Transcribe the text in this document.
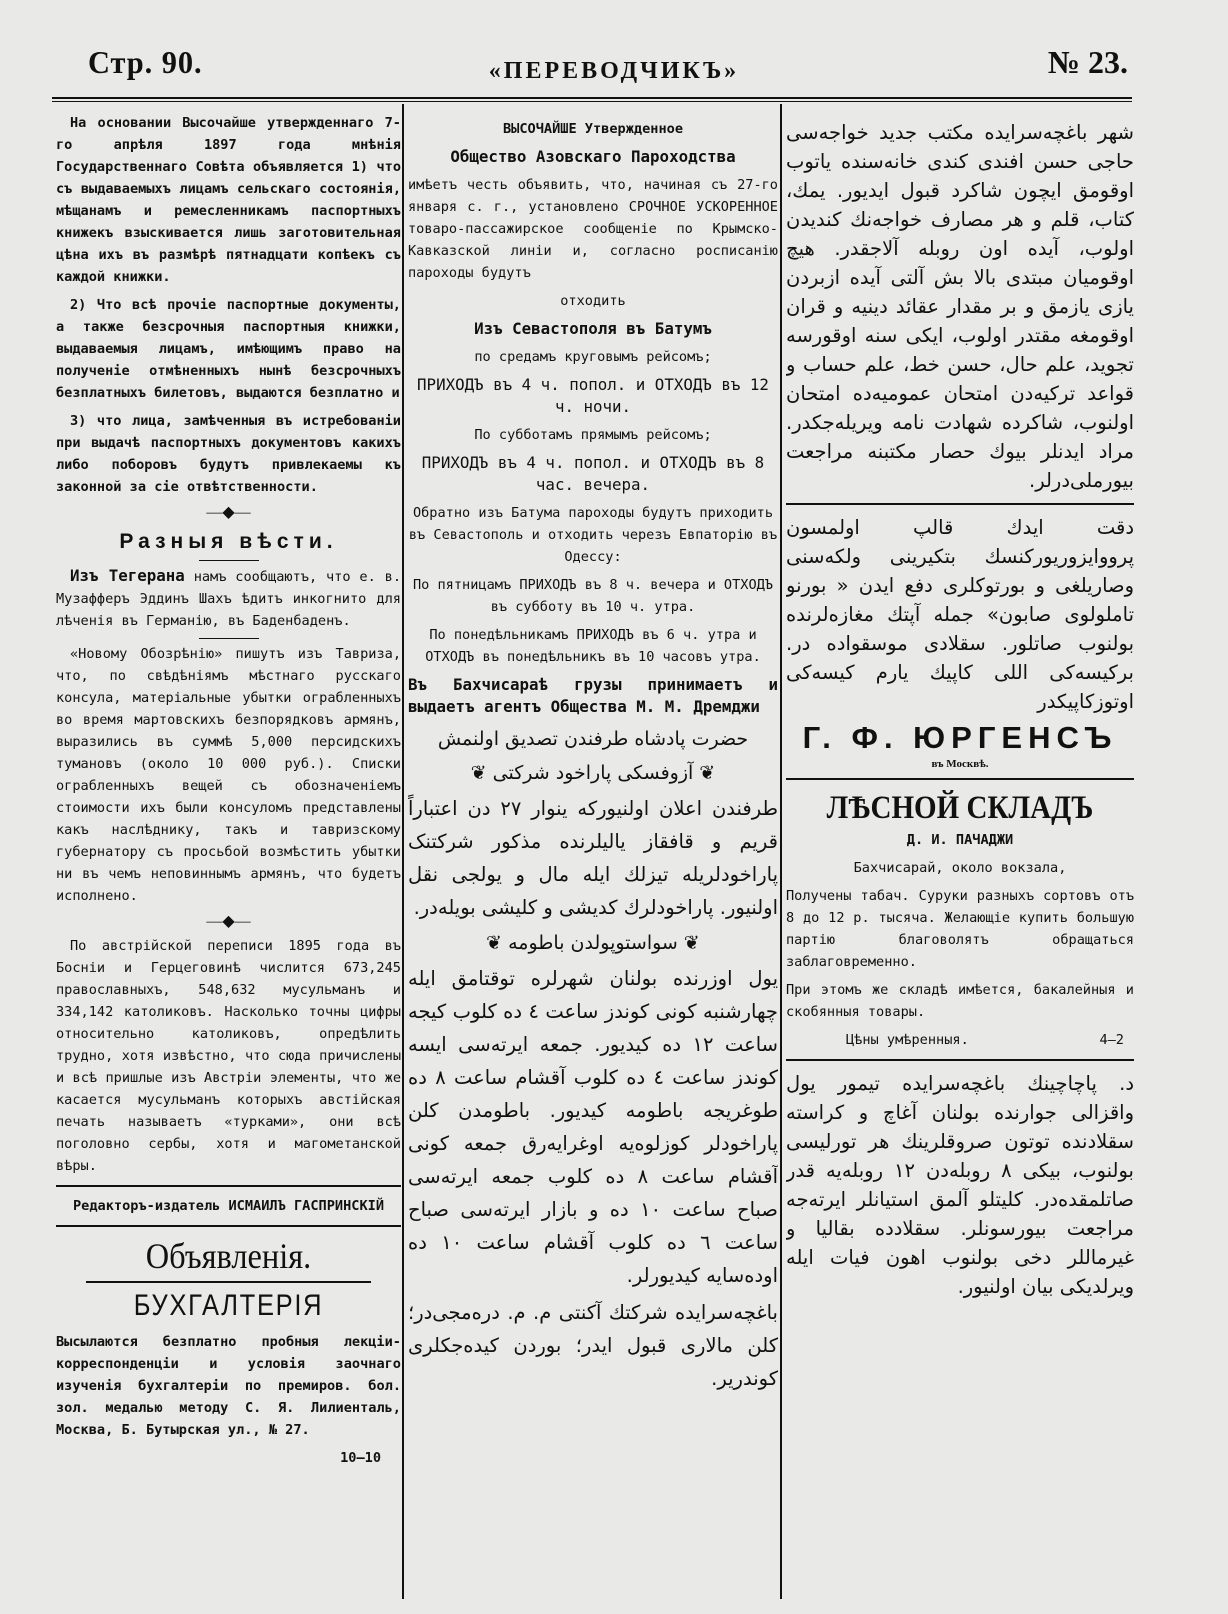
Стр. 90.	«ПЕРЕВОДЧИКЪ»	№ 23.

На основании Высочайше утвержденнаго 7-го апрѣля 1897 года мнѣнія Государственнаго Совѣта объявляется 1) что съ выдаваемыхъ лицамъ сельскаго состоянія, мѣщанамъ и ремесленникамъ паспортныхъ книжекъ взыскивается лишь заготовительная цѣна ихъ въ размѣрѣ пятнадцати копѣекъ съ каждой книжки.

2) Что всѣ прочіе паспортные документы, а также безсрочныя паспортныя книжки, выдаваемыя лицамъ, имѣющимъ право на полученіе отмѣненныхъ нынѣ безсрочныхъ безплатныхъ билетовъ, выдаются безплатно и

3) что лица, замѣченныя въ истребованіи при выдачѣ паспортныхъ документовъ какихъ либо поборовъ будутъ привлекаемы къ законной за сіе отвѣтственности.

—◆—
Разныя вѣсти.

Изъ Тегерана намъ сообщаютъ, что е. в. Музафферъ Эддинъ Шахъ ѣдитъ инкогнито для лѣченія въ Германію, въ Баденбаденъ.

«Новому Обозрѣнію» пишутъ изъ Тавриза, что, по свѣдѣніямъ мѣстнаго русскаго консула, матеріальные убытки ограбленныхъ во время мартовскихъ безпорядковъ армянъ, выразились въ суммѣ 5,000 персидскихъ тумановъ (около 10 000 руб.). Списки ограбленныхъ вещей съ обозначеніемъ стоимости ихъ были консуломъ представлены какъ наслѣднику, такъ и тавризскому губернатору съ просьбой возмѣстить убытки ни въ чемъ неповиннымъ армянъ, что будетъ исполнено.

—◆—

По австрійской переписи 1895 года въ Босніи и Герцеговинѣ числится 673,245 православныхъ, 548,632 мусульманъ и 334,142 католиковъ. Насколько точны цифры относительно католиковъ, опредѣлить трудно, хотя извѣстно, что сюда причислены и всѣ пришлые изъ Австріи элементы, что же касается мусульманъ которыхъ австійская печать называетъ «турками», они всѣ поголовно сербы, хотя и магометанской вѣры.

Редакторъ-издатель ИСМАИЛЪ ГАСПРИНСКІЙ

Объявленія.
БУХГАЛТЕРІЯ

Высылаются безплатно пробныя лекціи-корреспонденціи и условія заочнаго изученія бухгалтеріи по премиров. бол. зол. медалью методу С. Я. Лилиенталь, Москва, Б. Бутырская ул., № 27.

10—10

ВЫСОЧАЙШЕ Утвержденное

Общество Азовскаго Пароходства

имѣетъ честь объявить, что, начиная съ 27-го января с. г., установлено СРОЧНОЕ УСКОРЕННОЕ товаро-пассажирское сообщеніе по Крымско-Кавказской линіи и, согласно росписанію пароходы будутъ

отходить

Изъ Севастополя въ Батумъ

по средамъ круговымъ рейсомъ;

ПРИХОДЪ въ 4 ч. попол. и ОТХОДЪ въ 12 ч. ночи.

По субботамъ прямымъ рейсомъ;

ПРИХОДЪ въ 4 ч. попол. и ОТХОДЪ въ 8 час. вечера.

Обратно изъ Батума пароходы будутъ приходить въ Севастополь и отходить черезъ Евпаторію въ Одессу:

По пятницамъ ПРИХОДЪ въ 8 ч. вечера и ОТХОДЪ въ субботу въ 10 ч. утра.

По понедѣльникамъ ПРИХОДЪ въ 6 ч. утра и ОТХОДЪ въ понедѣльникъ въ 10 часовъ утра.

Въ Бахчисараѣ грузы принимаетъ и выдаетъ агентъ Общества М. М. Дремджи

حضرت پادشاه طرفندن تصدیق اولنمش
❦ آزوفسکی پاراخود شرکتی ❦

طرفندن اعلان اولنیورکه ینوار ۲۷ دن اعتباراً قریم و قافقاز یالیلرنده مذکور شرکتنک پاراخودلریله تیزلك ایله مال و یولجی نقل اولنیور. پاراخودلرك کدیشی و کلیشی بویله‌در.

❦ سواستوپولدن باطومه ❦

یول اوزرنده بولنان شهرلره توقتامق ایله چهارشنبه کونی کوندز ساعت ٤ ده کلوب کیجه ساعت ۱۲ ده کیدیور. جمعه ایرته‌سی ایسه کوندز ساعت ٤ ده کلوب آقشام ساعت ۸ ده طوغریجه باطومه کیدیور. باطومدن کلن پاراخودلر کوزلوه‌یه اوغرایه‌رق جمعه کونی آقشام ساعت ۸ ده کلوب جمعه ایرته‌سی صباح ساعت ۱۰ ده و بازار ایرته‌سی صباح ساعت ٦ ده کلوب آقشام ساعت ۱۰ ده اوده‌سایه کیدیورلر.

باغچه‌سرایده شرکتك آکنتی م. م. دره‌مجی‌در؛ کلن مالاری قبول ایدر؛ بوردن کیده‌جکلری کوندریر.

شهر باغچه‌سرایده مکتب جدید خواجه‌سی حاجی حسن افندی کندی خانه‌سنده یاتوب اوقومق ایچون شاکرد قبول ایدیور. یمك، کتاب، قلم و هر مصارف خواجه‌نك کندیدن اولوب، آیده اون روبله آلاجقدر. هیچ اوقومیان مبتدی بالا بش آلتی آیده ازبردن یازی یازمق و بر مقدار عقائد دینیه و قران اوقومغه مقتدر اولوب، ایکی سنه اوقورسه تجوید، علم حال، حسن خط، علم حساب و قواعد ترکیه‌دن امتحان عمومیه‌ده امتحان اولنوب، شاکرده شهادت نامه ویریله‌جکدر. مراد ایدنلر بیوك حصار مکتبنه مراجعت بیورملی‌درلر.

دقت ایدك قالپ اولمسون پرووایزوریورکنسك بتکیرینی ولکه‌سنی وصاریلغی و بورتوکلری دفع ایدن « بورنو تاملولوی صابون» جمله آپتك مغازه‌لرنده بولنوب صاتلور. سقلادی موسقواده در. برکیسه‌کی اللی کاپیك یارم کیسه‌کی اوتوزکاپیکدر

Г. Ф. ЮРГЕНСЪ
въ Москвѣ.
ЛѢСНОЙ СКЛАДЪ

Д. И. ПАЧАДЖИ

Бахчисарай, около вокзала,

Получены табач. Суруки разныхъ сортовъ отъ 8 до 12 р. тысяча. Желающіе купить большую партію благоволятъ обращаться заблаговременно.

При этомъ же складѣ имѣется, бакалейныя и скобянныя товары.

Цѣны умѣренныя.	4—2

د. پاچاچینك باغچه‌سرایده تیمور یول واقزالی جوارنده بولنان آغاچ و کراسته سقلادنده توتون صروقلرینك هر تورلیسی بولنوب، بیکی ۸ روبله‌دن ۱۲ روبله‌یه قدر صاتلمقده‌در. کلیتلو آلمق استیانلر ایرته‌جه مراجعت بیورسونلر. سقلادده بقالیا و غیرماللر دخی بولنوب اهون فیات ایله ویرلدیکی بیان اولنیور.
